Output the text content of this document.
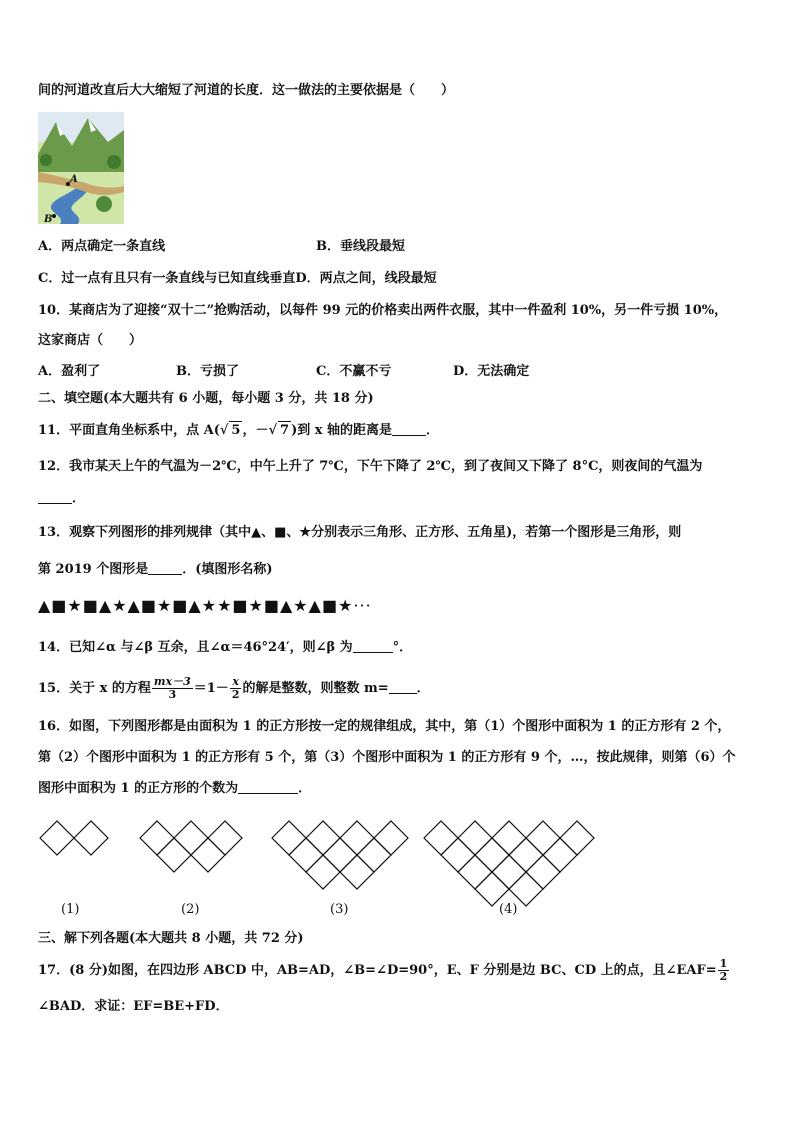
间的河道改直后大大缩短了河道的长度．这一做法的主要依据是（　　）
A
B
A．两点确定一条直线	B．垂线段最短
C．过一点有且只有一条直线与已知直线垂直D．两点之间，线段最短
10．某商店为了迎接“双十二”抢购活动，以每件 99 元的价格卖出两件衣服，其中一件盈利 10%，另一件亏损 10%，
这家商店（　　）
A．盈利了	B．亏损了	C．不赢不亏	D．无法确定
二、填空题(本大题共有 6 小题，每小题 3 分，共 18 分)
11．平面直角坐标系中，点 A(√ 5 ，－√ 7 )到 x 轴的距离是	．
12．我市某天上午的气温为－2℃，中午上升了 7℃，下午下降了 2℃，到了夜间又下降了 8°C，则夜间的气温为
．
13．观察下列图形的排列规律（其中▲、■、★分别表示三角形、正方形、五角星)，若第一个图形是三角形，则
第 2019 个图形是	．(填图形名称)
▲■★■▲★▲■★■▲★★■★■▲★▲■★···
14．已知∠α 与∠β 互余，且∠α＝46°24′，则∠β 为	°．
15．关于 x 的方程 $\frac{mx-3}{3} =1- \frac{x}{2}$ 的解是整数，则整数 m= ．
16．如图，下列图形都是由面积为 1 的正方形按一定的规律组成，其中，第（1）个图形中面积为 1 的正方形有 2 个，
第（2）个图形中面积为 1 的正方形有 5 个，第（3）个图形中面积为 1 的正方形有 9 个，…，按此规律，则第（6）个
图形中面积为 1 的正方形的个数为	．
(1)	(2)	(3)	(4)
三、解下列各题(本大题共 8 小题，共 72 分)
17．(8 分)如图，在四边形 ABCD 中，AB=AD，∠B=∠D=90°，E、F 分别是边 BC、CD 上的点，且∠EAF= $\frac{1}{2}$
∠BAD．求证：EF=BE+FD．
